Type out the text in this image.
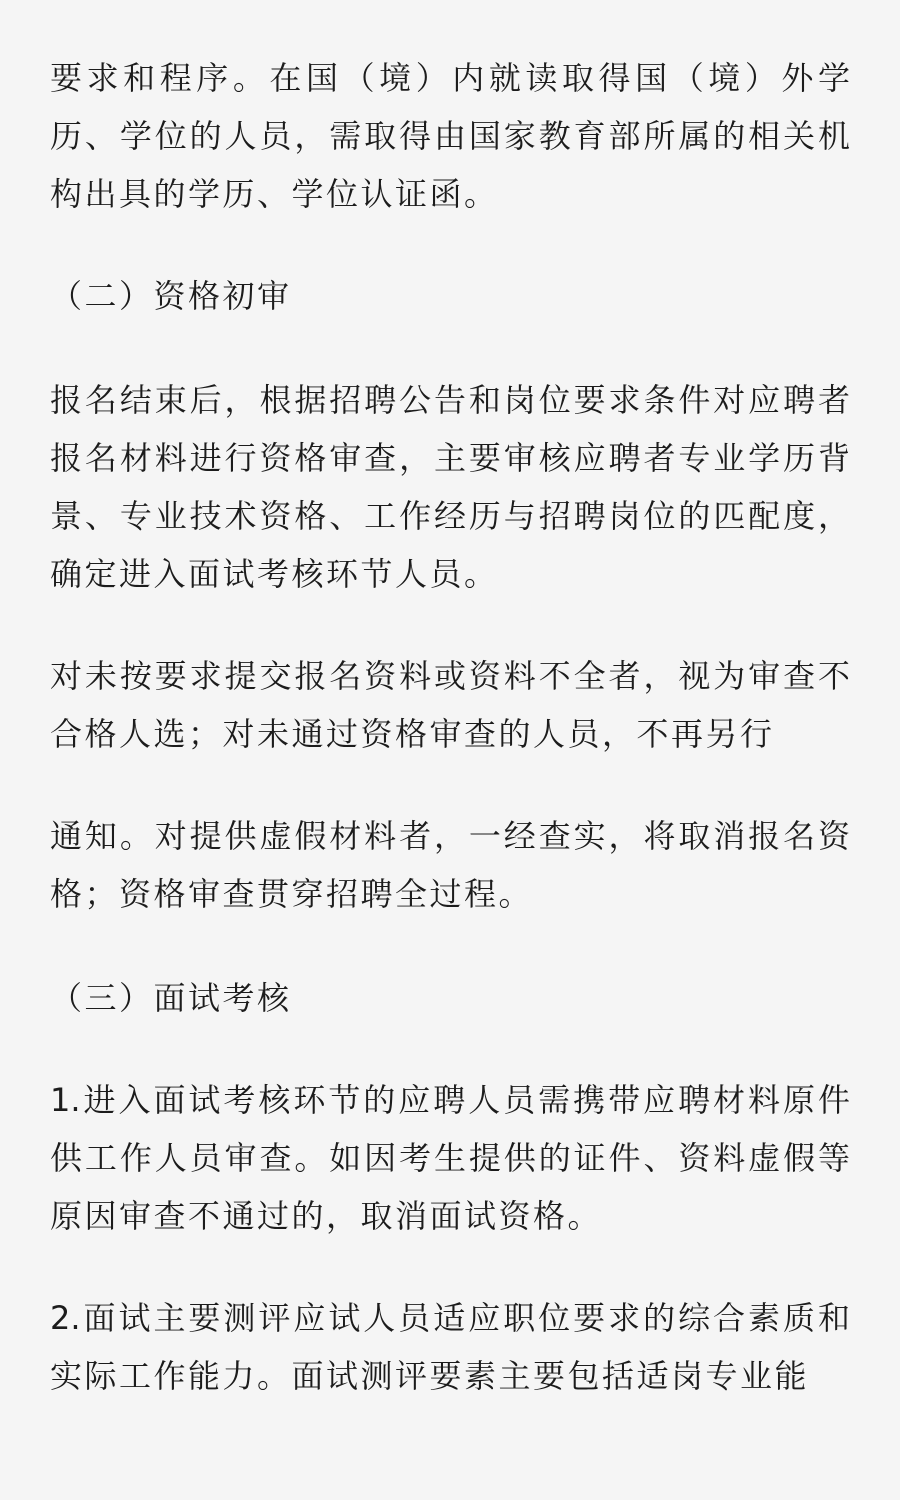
要求和程序。在国（境）内就读取得国（境）外学
历、学位的人员，需取得由国家教育部所属的相关机
构出具的学历、学位认证函。
（二）资格初审
报名结束后，根据招聘公告和岗位要求条件对应聘者
报名材料进行资格审查，主要审核应聘者专业学历背
景、专业技术资格、工作经历与招聘岗位的匹配度，
确定进入面试考核环节人员。
对未按要求提交报名资料或资料不全者，视为审查不
合格人选；对未通过资格审查的人员，不再另行
通知。对提供虚假材料者，一经查实，将取消报名资
格；资格审查贯穿招聘全过程。
（三）面试考核
1.进入面试考核环节的应聘人员需携带应聘材料原件
供工作人员审查。如因考生提供的证件、资料虚假等
原因审查不通过的，取消面试资格。
2.面试主要测评应试人员适应职位要求的综合素质和
实际工作能力。面试测评要素主要包括适岗专业能
